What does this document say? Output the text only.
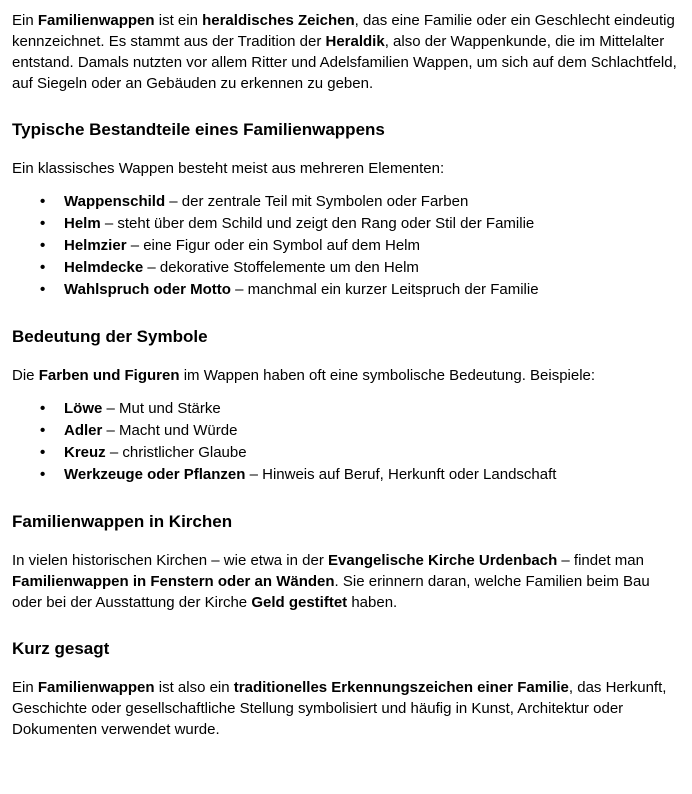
Ein Familienwappen ist ein heraldisches Zeichen, das eine Familie oder ein Geschlecht eindeutig kennzeichnet. Es stammt aus der Tradition der Heraldik, also der Wappenkunde, die im Mittelalter entstand. Damals nutzten vor allem Ritter und Adelsfamilien Wappen, um sich auf dem Schlachtfeld, auf Siegeln oder an Gebäuden zu erkennen zu geben.

Typische Bestandteile eines Familienwappens

Ein klassisches Wappen besteht meist aus mehreren Elementen:

• Wappenschild – der zentrale Teil mit Symbolen oder Farben
• Helm – steht über dem Schild und zeigt den Rang oder Stil der Familie
• Helmzier – eine Figur oder ein Symbol auf dem Helm
• Helmdecke – dekorative Stoffelemente um den Helm
• Wahlspruch oder Motto – manchmal ein kurzer Leitspruch der Familie
Bedeutung der Symbole

Die Farben und Figuren im Wappen haben oft eine symbolische Bedeutung. Beispiele:

• Löwe – Mut und Stärke
• Adler – Macht und Würde
• Kreuz – christlicher Glaube
• Werkzeuge oder Pflanzen – Hinweis auf Beruf, Herkunft oder Landschaft
Familienwappen in Kirchen

In vielen historischen Kirchen – wie etwa in der Evangelische Kirche Urdenbach – findet man Familienwappen in Fenstern oder an Wänden. Sie erinnern daran, welche Familien beim Bau oder bei der Ausstattung der Kirche Geld gestiftet haben.

Kurz gesagt

Ein Familienwappen ist also ein traditionelles Erkennungszeichen einer Familie, das Herkunft, Geschichte oder gesellschaftliche Stellung symbolisiert und häufig in Kunst, Architektur oder Dokumenten verwendet wurde.
